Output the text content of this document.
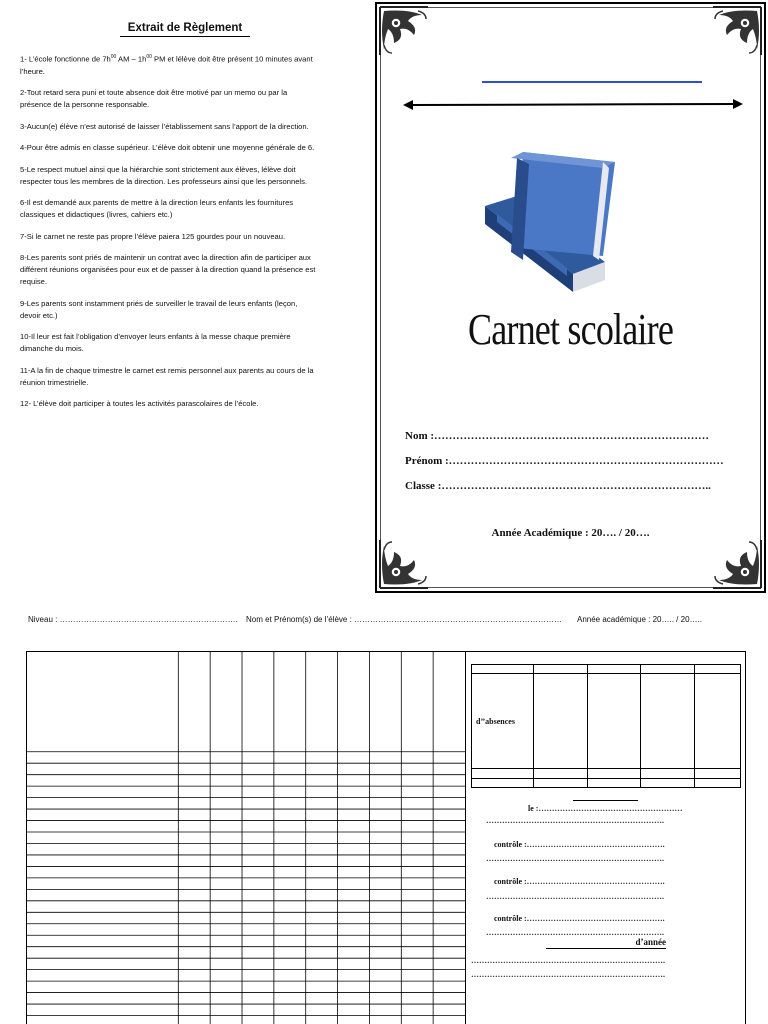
Extrait de Règlement

1- L’école fonctionne de $7h^{00}$ AM – $1h^{00}$ PM et lélève doit être présent 10 minutes avant l’heure.

2-Tout retard sera puni et toute absence doit être motivé par un memo ou par la présence de la personne responsable.

3-Aucun(e) élève n’est autorisé de laisser l’établissement sans l’apport de la direction.

4-Pour être admis en classe supérieur. L’élève doit obtenir une moyenne générale de 6.

5-Le respect mutuel ainsi que la hiérarchie sont strictement aux élèves, lélève doit respecter tous les membres de la direction. Les professeurs ainsi que les personnels.

6-Il est demandé aux parents de mettre à la direction leurs enfants les fournitures classiques et didactiques (livres, cahiers etc.)

7-Si le carnet ne reste pas propre l’élève paiera 125 gourdes pour un nouveau.

8-Les parents sont priés de maintenir un contrat avec la direction afin de participer aux différent réunions organisées pour eux et de passer à la direction quand la présence est requise.

9-Les parents sont instamment priés de surveiller le travail de leurs enfants (leçon, devoir etc.)

10-Il leur est fait l’obligation d’envoyer leurs enfants à la messe chaque première dimanche du mois.

11-A la fin de chaque trimestre le carnet est remis personnel aux parents au cours de la réunion trimestrielle.

12- L’élève doit participer à toutes les activités parascolaires de l’école.

Carnet scolaire
Nom :…………………………………………………………………
Prénom :…………………………………………………………………
Classe :………………………………………………………………..
Année Académique : 20…. / 20….
Niveau : …………………………………………………………. Nom et Prénom(s) de l’élève : …………………………………………………………………… Année académique : 20….. / 20…..

d’’absences				

le :………………………………………………
………………………………………………………….
contrôle :…………………………………………….
………………………………………………………….
contrôle :…………………………………………….
………………………………………………………….
contrôle :…………………………………………….
………………………………………………………….
d’année
……………………………………………………………….
……………………………………………………………….
